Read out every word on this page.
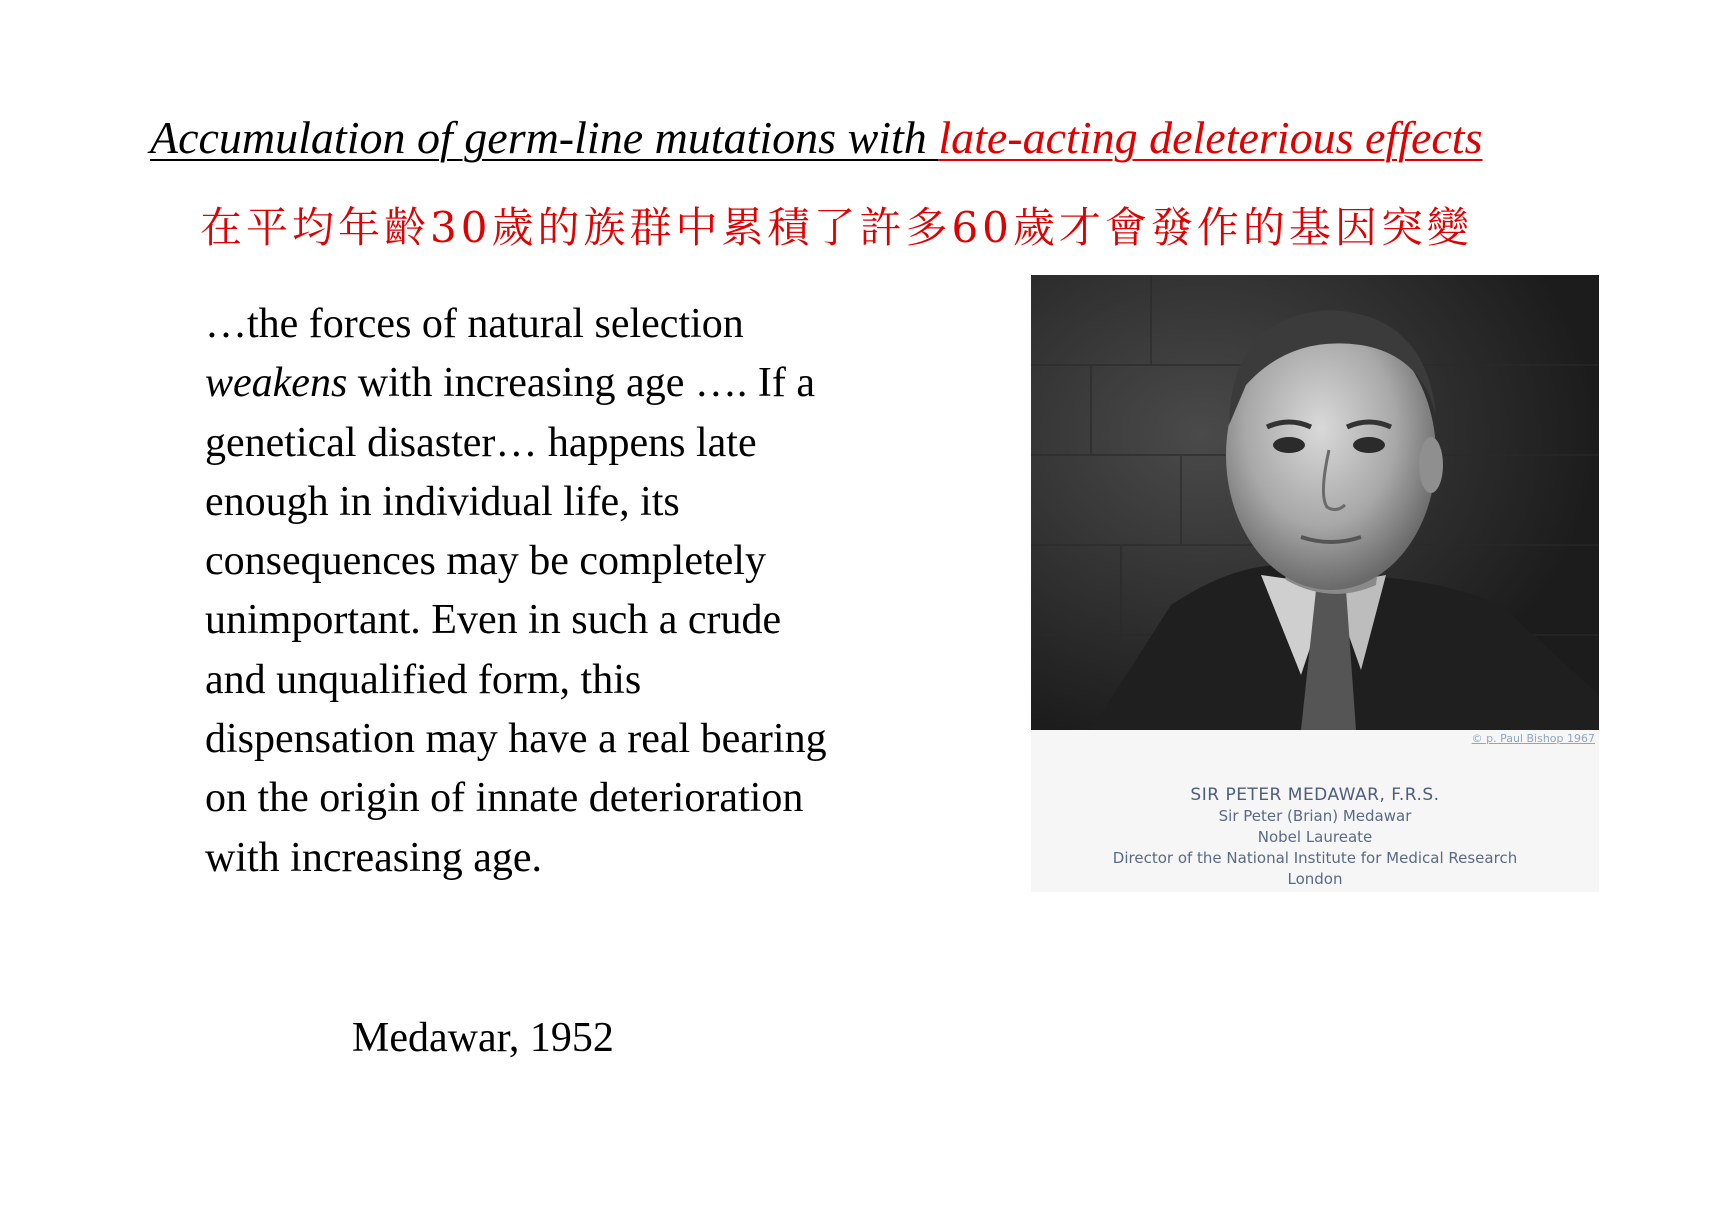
Accumulation of germ-line mutations with late-acting deleterious effects
在平均年齡30歲的族群中累積了許多60歲才會發作的基因突變

…the forces of natural selection

weakens with increasing age …. If a

genetical disaster… happens late

enough in individual life, its

consequences may be completely

unimportant. Even in such a crude

and unqualified form, this

dispensation may have a real bearing

on the origin of innate deterioration

with increasing age.

Medawar, 1952
© p. Paul Bishop 1967
SIR PETER MEDAWAR, F.R.S.
Sir Peter (Brian) Medawar
Nobel Laureate
Director of the National Institute for Medical Research
London
